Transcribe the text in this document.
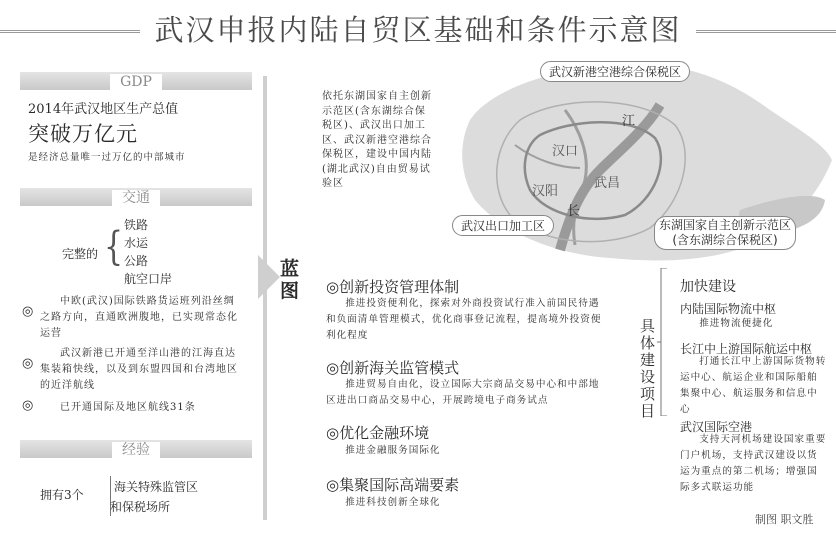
武汉申报内陆自贸区基础和条件示意图
GDP
2014年武汉地区生产总值
突破万亿元
是经济总量唯一过万亿的中部城市
交通
完整的 { 铁路
水运
公路
航空口岸
◎
中欧(武汉)国际铁路货运班列沿丝绸之路方向，直通欧洲腹地，已实现常态化运营
◎
武汉新港已开通至洋山港的江海直达集装箱快线，以及到东盟四国和台湾地区的近洋航线
◎	已开通国际及地区航线31条
经验
拥有3个
海关特殊监管区
和保税场所
依托东湖国家自主创新示范区(含东湖综合保税区)、武汉出口加工区、武汉新港空港综合保税区，建设中国内陆(湖北武汉)自由贸易试验区
汉口
汉阳
武昌
江
长
武汉新港空港综合保税区
武汉出口加工区	东湖国家自主创新示范区
(含东湖综合保税区)
蓝图	◎创新投资管理体制
推进投资便利化，探索对外商投资试行准入前国民待遇和负面清单管理模式，优化商事登记流程，提高境外投资便利化程度
◎创新海关监管模式
推进贸易自由化，设立国际大宗商品交易中心和中部地区进出口商品交易中心，开展跨境电子商务试点
◎优化金融环境
推进金融服务国际化
◎集聚国际高端要素
推进科技创新全球化
具体建设项目
加快建设
内陆国际物流中枢
推进物流便捷化
长江中上游国际航运中枢
打通长江中上游国际货物转运中心、航运企业和国际船舶集聚中心、航运服务和信息中心
武汉国际空港
支持天河机场建设国家重要门户机场，支持武汉建设以货运为重点的第二机场；增强国际多式联运功能
制图 职文胜
